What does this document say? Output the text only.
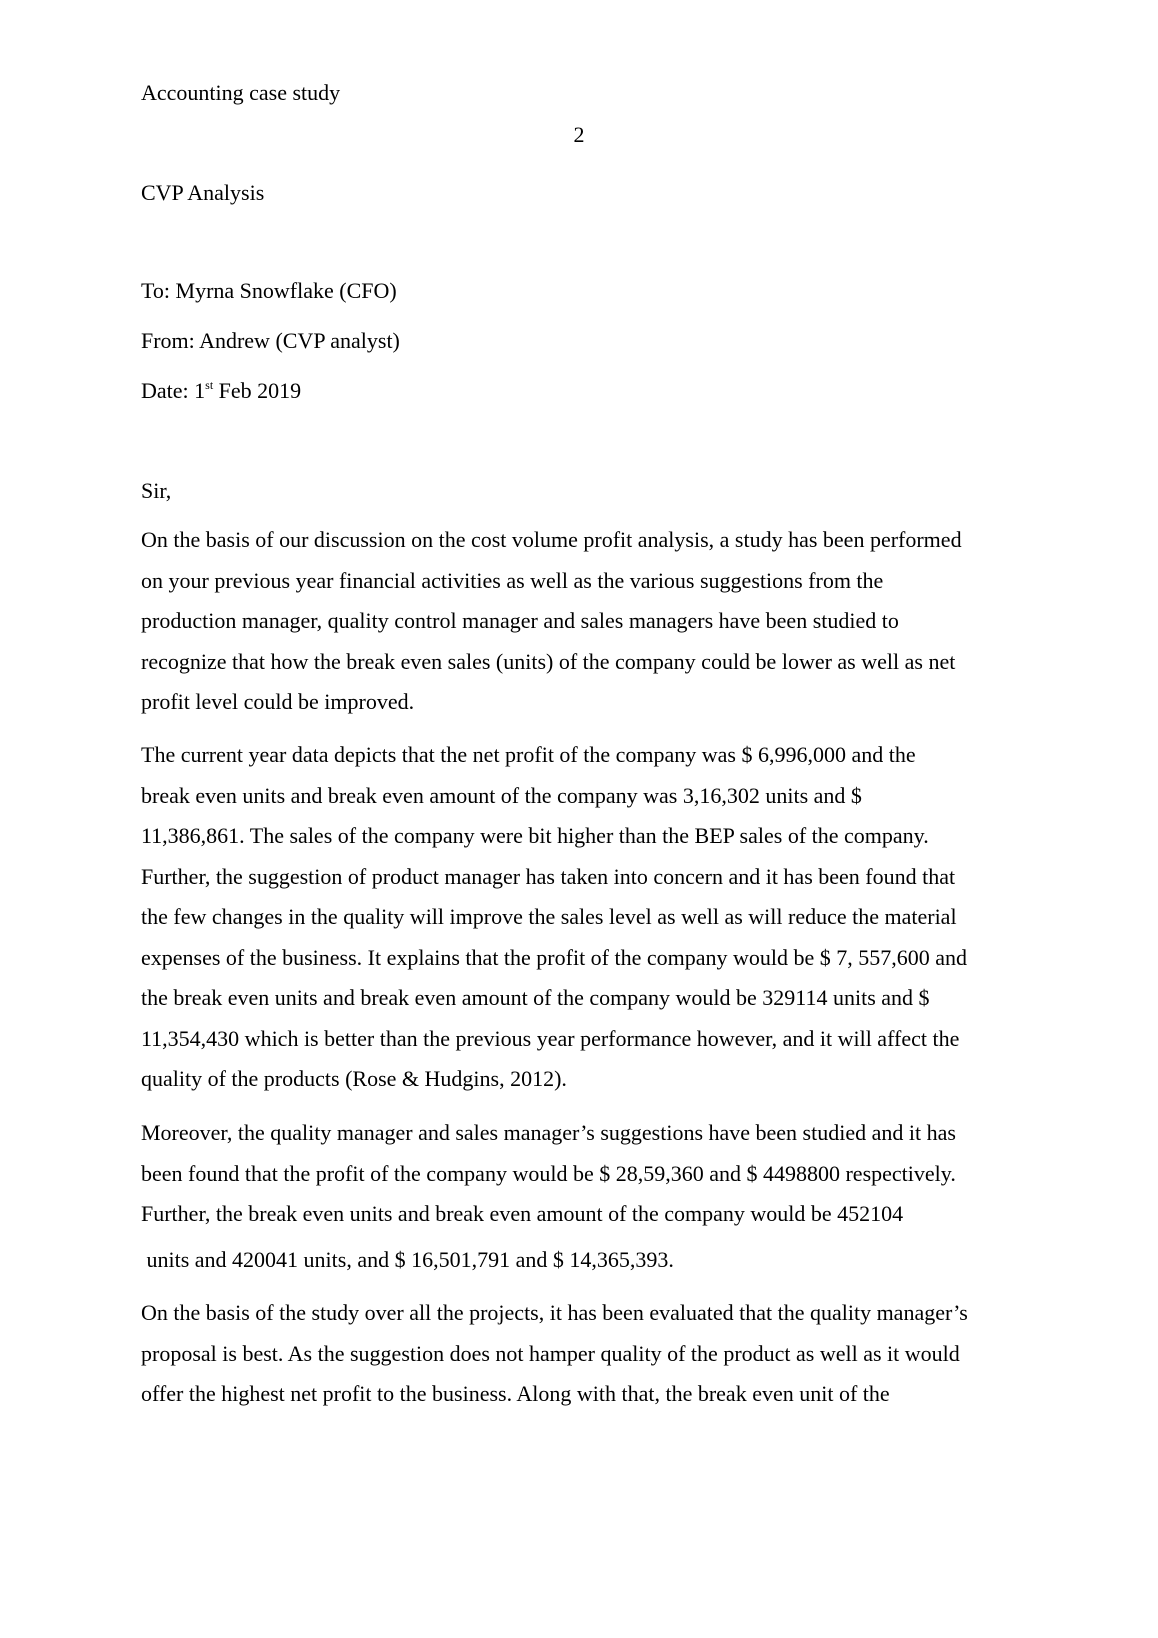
Accounting case study

2

CVP Analysis

To: Myrna Snowflake (CFO)

From: Andrew (CVP analyst)

Date: 1st Feb 2019

Sir,

On the basis of our discussion on the cost volume profit analysis, a study has been performed
on your previous year financial activities as well as the various suggestions from the
production manager, quality control manager and sales managers have been studied to
recognize that how the break even sales (units) of the company could be lower as well as net
profit level could be improved.
The current year data depicts that the net profit of the company was $ 6,996,000 and the
break even units and break even amount of the company was 3,16,302 units and $
11,386,861. The sales of the company were bit higher than the BEP sales of the company.
Further, the suggestion of product manager has taken into concern and it has been found that
the few changes in the quality will improve the sales level as well as will reduce the material
expenses of the business. It explains that the profit of the company would be $ 7, 557,600 and
the break even units and break even amount of the company would be 329114 units and $
11,354,430 which is better than the previous year performance however, and it will affect the
quality of the products (Rose & Hudgins, 2012).
Moreover, the quality manager and sales manager’s suggestions have been studied and it has
been found that the profit of the company would be $ 28,59,360 and $ 4498800 respectively.
Further, the break even units and break even amount of the company would be 452104

units and 420041 units, and $ 16,501,791 and $ 14,365,393.

On the basis of the study over all the projects, it has been evaluated that the quality manager’s
proposal is best. As the suggestion does not hamper quality of the product as well as it would
offer the highest net profit to the business. Along with that, the break even unit of the
